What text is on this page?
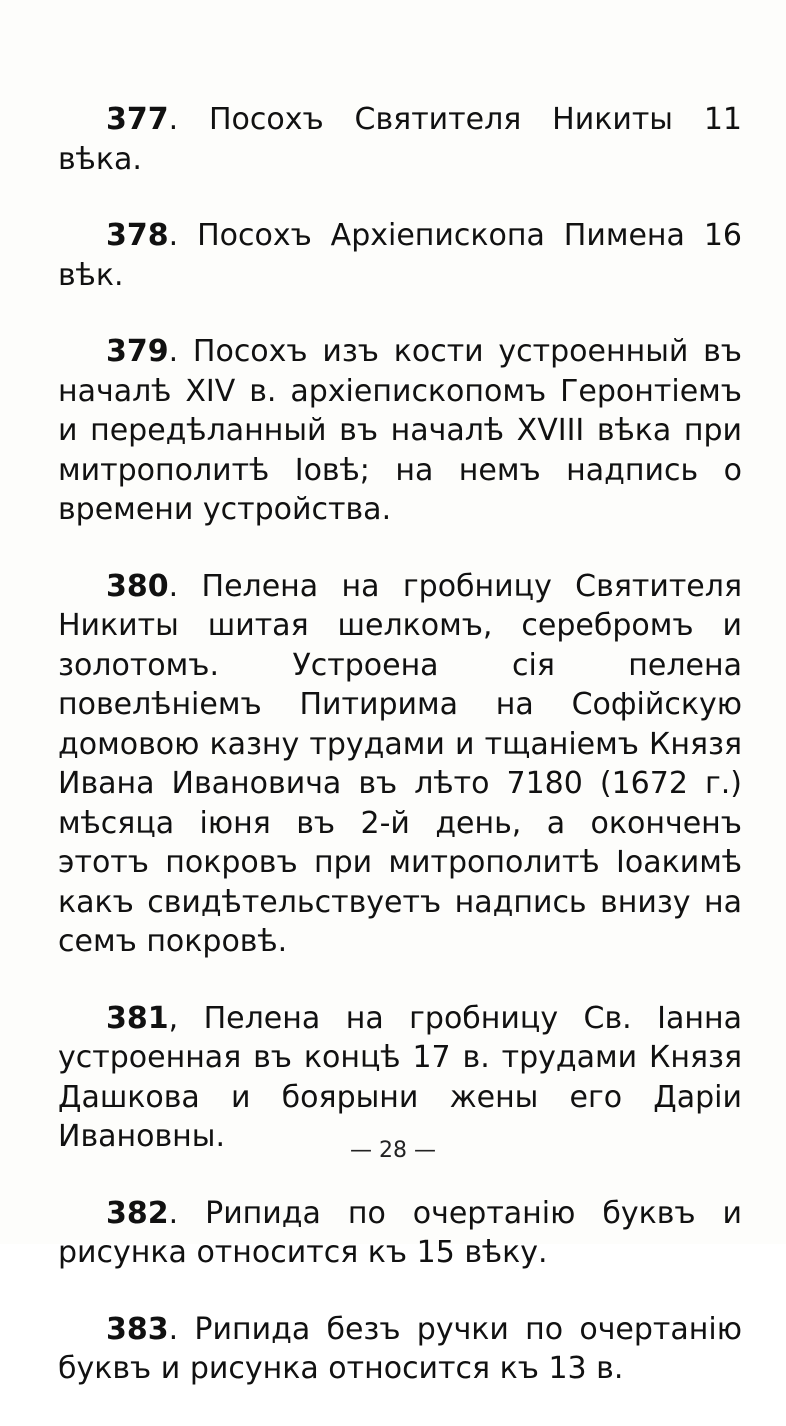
377. Посохъ Святителя Никиты 11 вѣка.

378. Посохъ Архіепископа Пимена 16 вѣк.

379. Посохъ изъ кости устроенный въ началѣ XIV в. архіепископомъ Геронтіемъ и передѣланный въ началѣ XVIII вѣка при митрополитѣ Іовѣ; на немъ надпись о времени устройства.

380. Пелена на гробницу Святителя Никиты шитая шелкомъ, серебромъ и золотомъ. Устроена сія пелена повелѣніемъ Питирима на Софійскую домовою казну трудами и тщаніемъ Князя Ивана Ивановича въ лѣто 7180 (1672 г.) мѣсяца іюня въ 2-й день, а оконченъ этотъ покровъ при митрополитѣ Іоакимѣ какъ свидѣтельствуетъ надпись внизу на семъ покровѣ.

381, Пелена на гробницу Св. Іанна устроенная въ концѣ 17 в. трудами Князя Дашкова и боярыни жены его Даріи Ивановны.

382. Рипида по очертанію буквъ и рисунка относится къ 15 вѣку.

383. Рипида безъ ручки по очертанію буквъ и рисунка относится къ 13 в.

— 28 —
